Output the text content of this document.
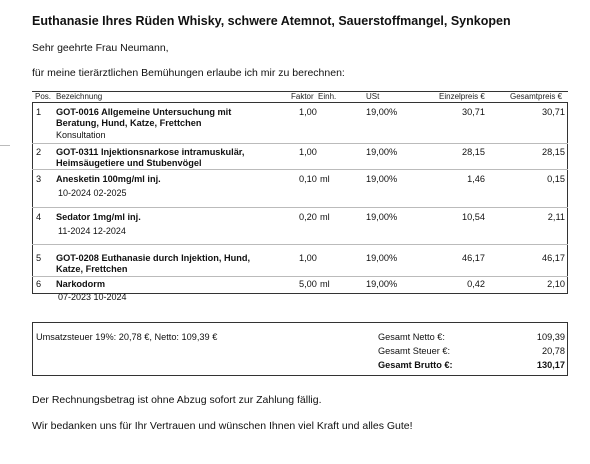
Euthanasie Ihres Rüden Whisky, schwere Atemnot, Sauerstoffmangel, Synkopen
Sehr geehrte Frau Neumann,
für meine tierärztlichen Bemühungen erlaube ich mir zu berechnen:
Pos. Bezeichnung	Faktor Einh.	USt	Einzelpreis €	Gesamtpreis €
1 GOT-0016 Allgemeine Untersuchung mit
Beratung, Hund, Katze, Frettchen
Konsultation
1,00	19,00%	30,71	30,71
2 GOT-0311 Injektionsnarkose intramuskulär,
Heimsäugetiere und Stubenvögel
1,00	19,00%	28,15	28,15
3 Anesketin 100mg/ml inj.
10-2024 02-2025
0,10 ml	19,00%	1,46	0,15
4 Sedator 1mg/ml inj.
11-2024 12-2024
0,20 ml	19,00%	10,54	2,11
5 GOT-0208 Euthanasie durch Injektion, Hund,
Katze, Frettchen
1,00	19,00%	46,17	46,17
6 Narkodorm
07-2023 10-2024
5,00 ml	19,00%	0,42	2,10
Umsatzsteuer 19%: 20,78 €, Netto: 109,39 €	Gesamt Netto €:	109,39
Gesamt Steuer €:	20,78
Gesamt Brutto €:	130,17
Der Rechnungsbetrag ist ohne Abzug sofort zur Zahlung fällig.
Wir bedanken uns für Ihr Vertrauen und wünschen Ihnen viel Kraft und alles Gute!
